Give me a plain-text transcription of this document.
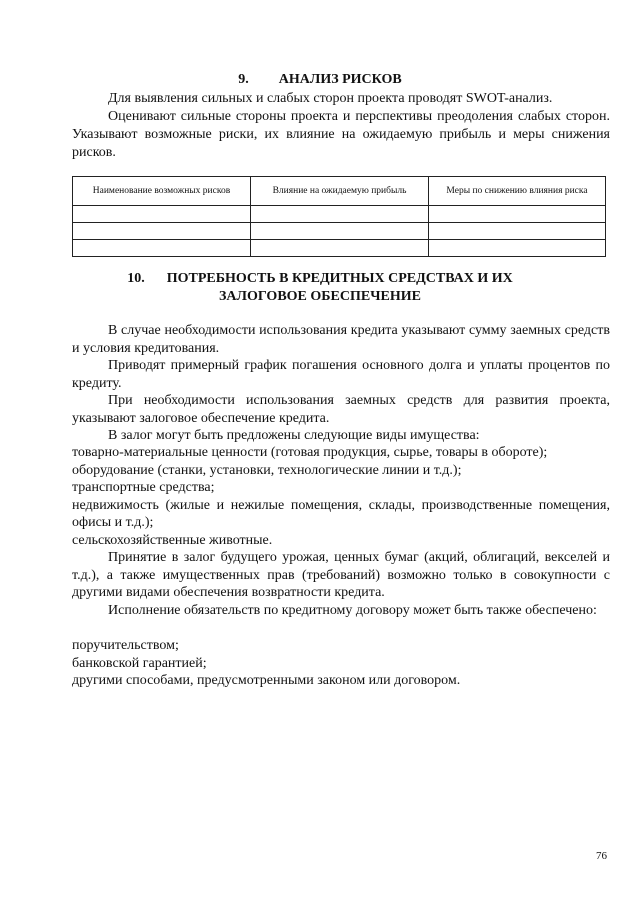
9. АНАЛИЗ РИСКОВ
Для выявления сильных и слабых сторон проекта проводят SWOT-анализ.
Оценивают сильные стороны проекта и перспективы преодоления слабых сторон. Указывают возможные риски, их влияние на ожидаемую прибыль и меры снижения рисков.
Наименование возможных рисков	Влияние на ожидаемую прибыль	Меры по снижению влияния риска

10. ПОТРЕБНОСТЬ В КРЕДИТНЫХ СРЕДСТВАХ И ИХ
ЗАЛОГОВОЕ ОБЕСПЕЧЕНИЕ
В случае необходимости использования кредита указывают сумму заемных средств и условия кредитования.
Приводят примерный график погашения основного долга и уплаты процентов по кредиту.
При необходимости использования заемных средств для развития проекта, указывают залоговое обеспечение кредита.
В залог могут быть предложены следующие виды имущества:
товарно-материальные ценности (готовая продукция, сырье, товары в обороте);
оборудование (станки, установки, технологические линии и т.д.);
транспортные средства;
недвижимость (жилые и нежилые помещения, склады, производственные помещения, офисы и т.д.);
сельскохозяйственные животные.
Принятие в залог будущего урожая, ценных бумаг (акций, облигаций, векселей и т.д.), а также имущественных прав (требований) возможно только в совокупности с другими видами обеспечения возвратности кредита.
Исполнение обязательств по кредитному договору может быть также обеспечено:
поручительством;
банковской гарантией;
другими способами, предусмотренными законом или договором.
76
